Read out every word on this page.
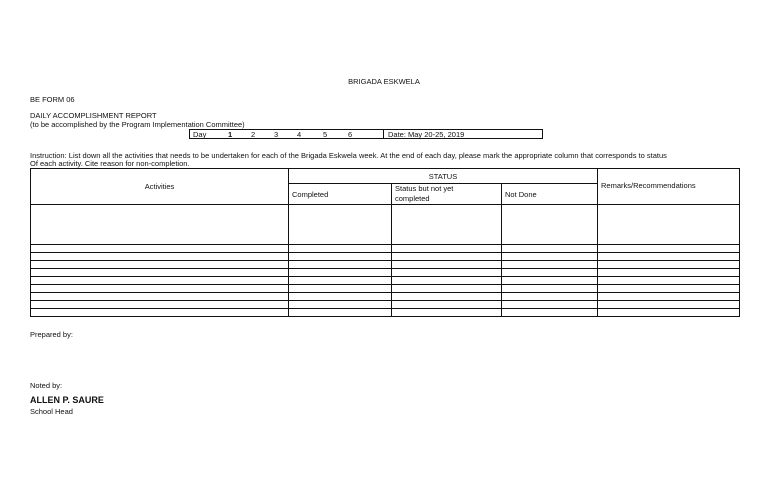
BRIGADA ESKWELA
BE FORM 06
DAILY ACCOMPLISHMENT REPORT
(to be accomplished by the Program Implementation Committee)
Day	1	2	3	4	5	6	Date: May 20-25, 2019
Instruction: List down all the activities that needs to be undertaken for each of the Brigada Eskwela week. At the end of each day, please mark the appropriate column that corresponds to status
Of each activity. Cite reason for non-completion.
Activities	STATUS			Remarks/Recommendations
	Completed	Status but not yet completed	Not Done	

Prepared by:
Noted by:
ALLEN P. SAURE
School Head
